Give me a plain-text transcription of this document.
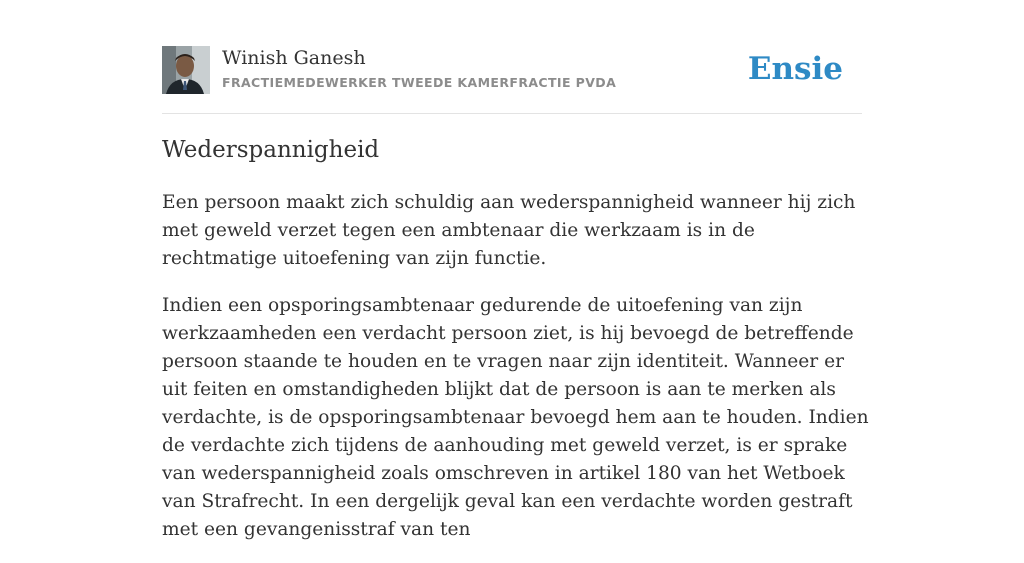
Winish Ganesh
FRACTIEMEDEWERKER TWEEDE KAMERFRACTIE PVDA	Ensie
Wederspannigheid

Een persoon maakt zich schuldig aan wederspannigheid wanneer hij zich met geweld verzet tegen een ambtenaar die werkzaam is in de rechtmatige uitoefening van zijn functie.

Indien een opsporingsambtenaar gedurende de uitoefening van zijn werkzaamheden een verdacht persoon ziet, is hij bevoegd de betreffende persoon staande te houden en te vragen naar zijn identiteit. Wanneer er uit feiten en omstandigheden blijkt dat de persoon is aan te merken als verdachte, is de opsporingsambtenaar bevoegd hem aan te houden. Indien de verdachte zich tijdens de aanhouding met geweld verzet, is er sprake van wederspannigheid zoals omschreven in artikel 180 van het Wetboek van Strafrecht. In een dergelijk geval kan een verdachte worden gestraft met een gevangenisstraf van ten
